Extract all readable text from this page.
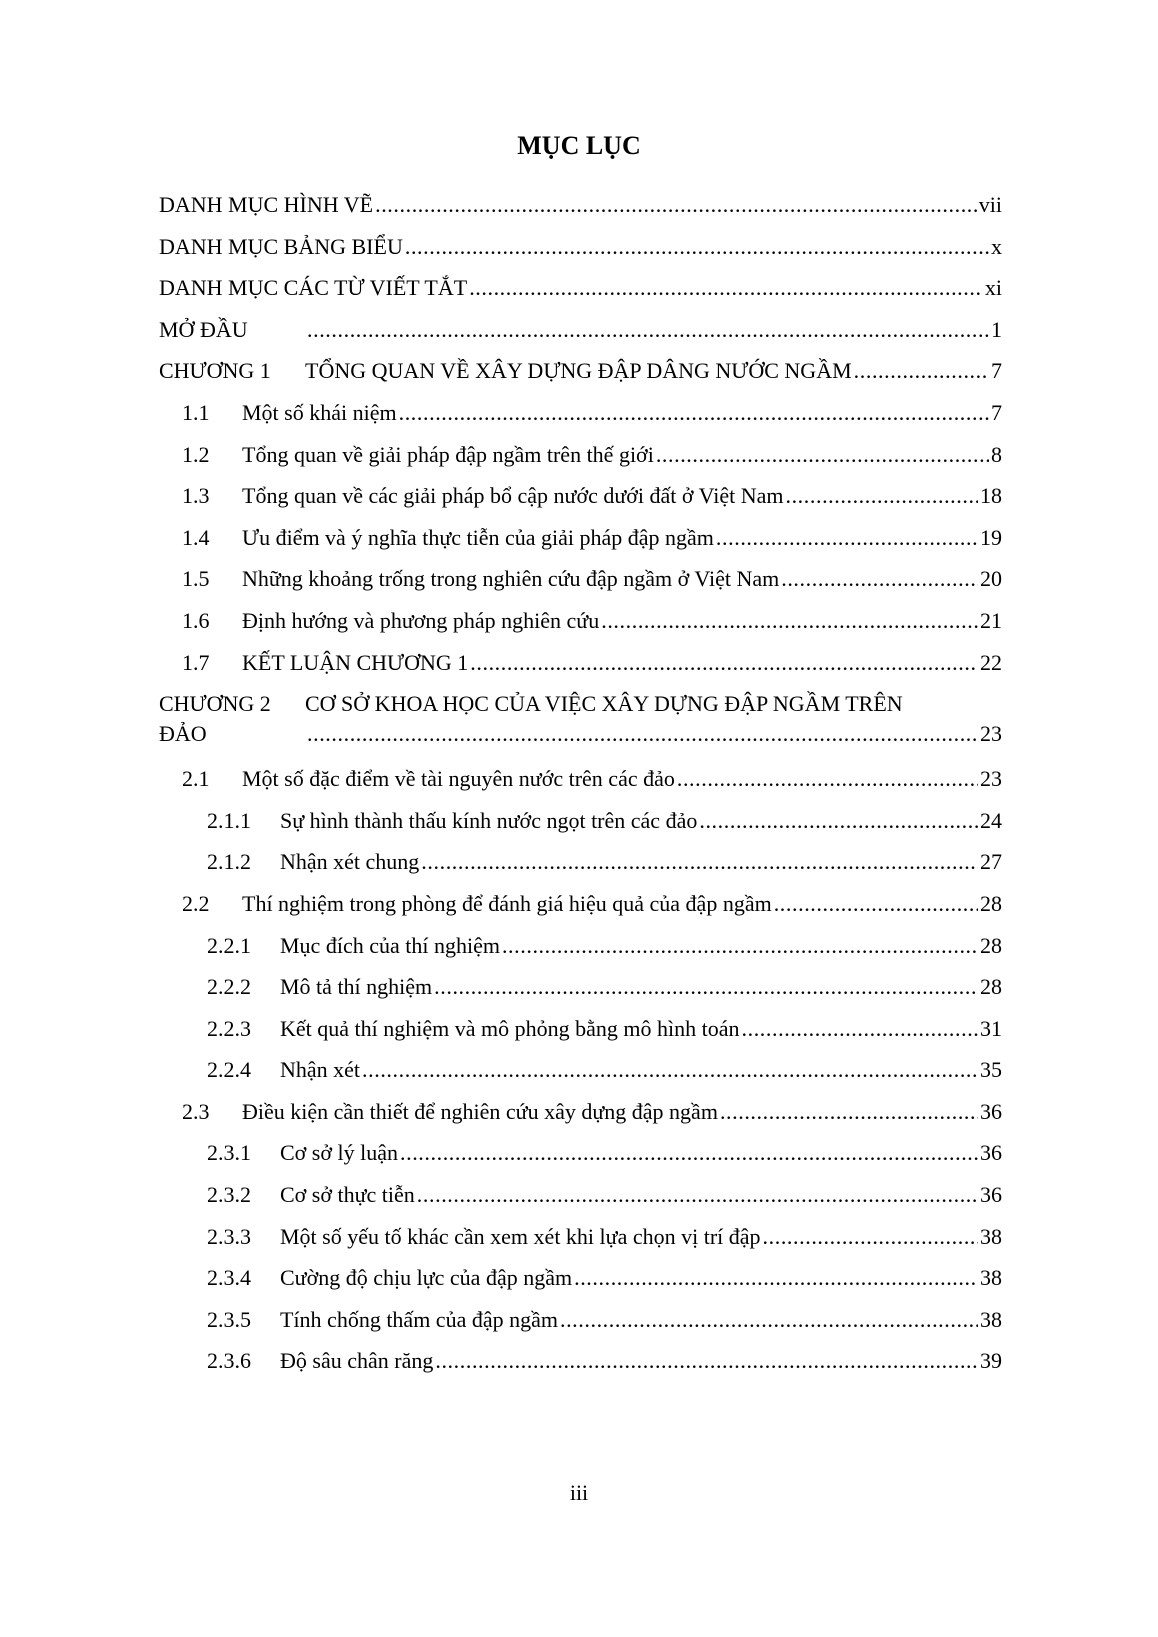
MỤC LỤC
DANH MỤC HÌNH VẼ .....	vii
DANH MỤC BẢNG BIỂU .....	x
DANH MỤC CÁC TỪ VIẾT TẮT .....	xi
MỞ ĐẦU .....	1
CHƯƠNG 1	TỔNG QUAN VỀ XÂY DỰNG ĐẬP DÂNG NƯỚC NGẦM .....	7
1.1	Một số khái niệm .....	7
1.2	Tổng quan về giải pháp đập ngầm trên thế giới .....	8
1.3	Tổng quan về các giải pháp bổ cập nước dưới đất ở Việt Nam .....	18
1.4	Ưu điểm và ý nghĩa thực tiễn của giải pháp đập ngầm .....	19
1.5	Những khoảng trống trong nghiên cứu đập ngầm ở Việt Nam .....	20
1.6	Định hướng và phương pháp nghiên cứu .....	21
1.7	KẾT LUẬN CHƯƠNG 1 .....	22
CHƯƠNG 2	CƠ SỞ KHOA HỌC CỦA VIỆC XÂY DỰNG ĐẬP NGẦM TRÊN
ĐẢO .....	23
2.1	Một số đặc điểm về tài nguyên nước trên các đảo .....	23
2.1.1	Sự hình thành thấu kính nước ngọt trên các đảo .....	24
2.1.2	Nhận xét chung .....	27
2.2	Thí nghiệm trong phòng để đánh giá hiệu quả của đập ngầm .....	28
2.2.1	Mục đích của thí nghiệm .....	28
2.2.2	Mô tả thí nghiệm .....	28
2.2.3	Kết quả thí nghiệm và mô phỏng bằng mô hình toán .....	31
2.2.4	Nhận xét .....	35
2.3	Điều kiện cần thiết để nghiên cứu xây dựng đập ngầm .....	36
2.3.1	Cơ sở lý luận .....	36
2.3.2	Cơ sở thực tiễn .....	36
2.3.3	Một số yếu tố khác cần xem xét khi lựa chọn vị trí đập .....	38
2.3.4	Cường độ chịu lực của đập ngầm .....	38
2.3.5	Tính chống thấm của đập ngầm .....	38
2.3.6	Độ sâu chân răng .....	39
iii
